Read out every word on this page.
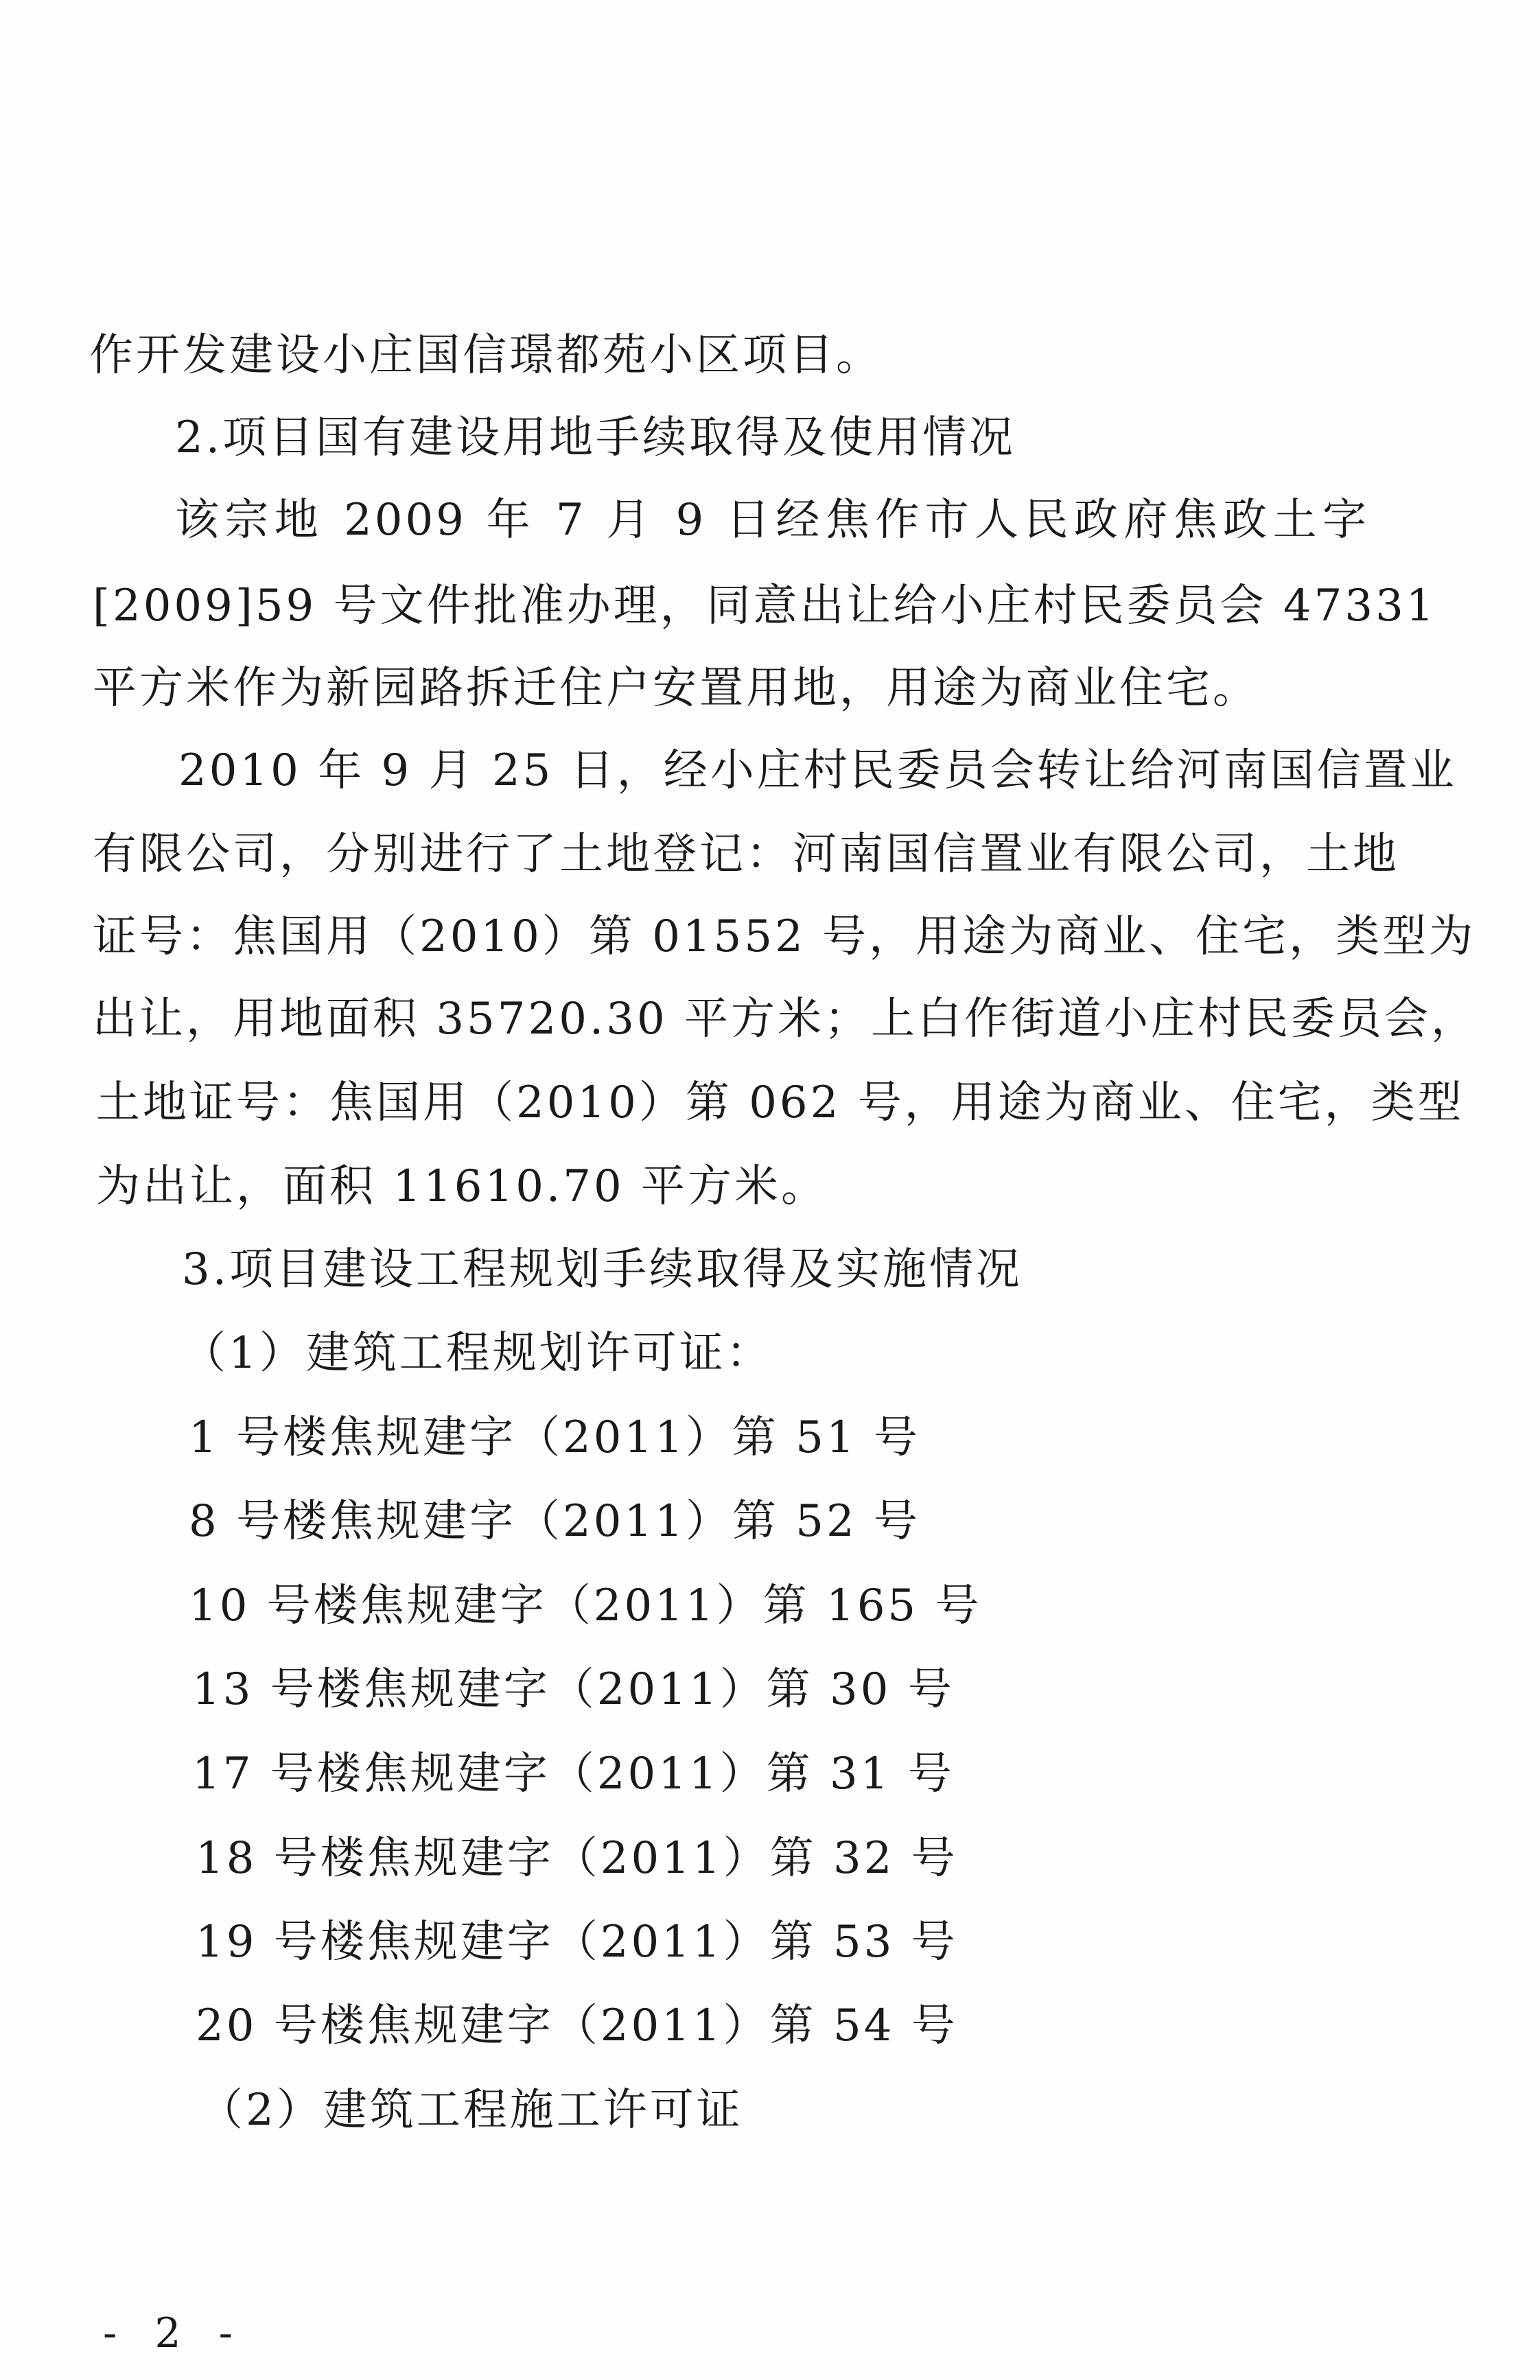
作开发建设小庄国信璟都苑小区项目。
2.项目国有建设用地手续取得及使用情况
该宗地 2009 年 7 月 9 日经焦作市人民政府焦政土字
[2009]59 号文件批准办理，同意出让给小庄村民委员会 47331
平方米作为新园路拆迁住户安置用地，用途为商业住宅。
2010 年 9 月 25 日，经小庄村民委员会转让给河南国信置业
有限公司，分别进行了土地登记：河南国信置业有限公司，土地
证号：焦国用（2010）第 01552 号，用途为商业、住宅，类型为
出让，用地面积 35720.30 平方米；上白作街道小庄村民委员会，
土地证号：焦国用（2010）第 062 号，用途为商业、住宅，类型
为出让，面积 11610.70 平方米。
3.项目建设工程规划手续取得及实施情况
（1）建筑工程规划许可证：
1 号楼焦规建字（2011）第 51 号
8 号楼焦规建字（2011）第 52 号
10 号楼焦规建字（2011）第 165 号
13 号楼焦规建字（2011）第 30 号
17 号楼焦规建字（2011）第 31 号
18 号楼焦规建字（2011）第 32 号
19 号楼焦规建字（2011）第 53 号
20 号楼焦规建字（2011）第 54 号
（2）建筑工程施工许可证
- 2 -
